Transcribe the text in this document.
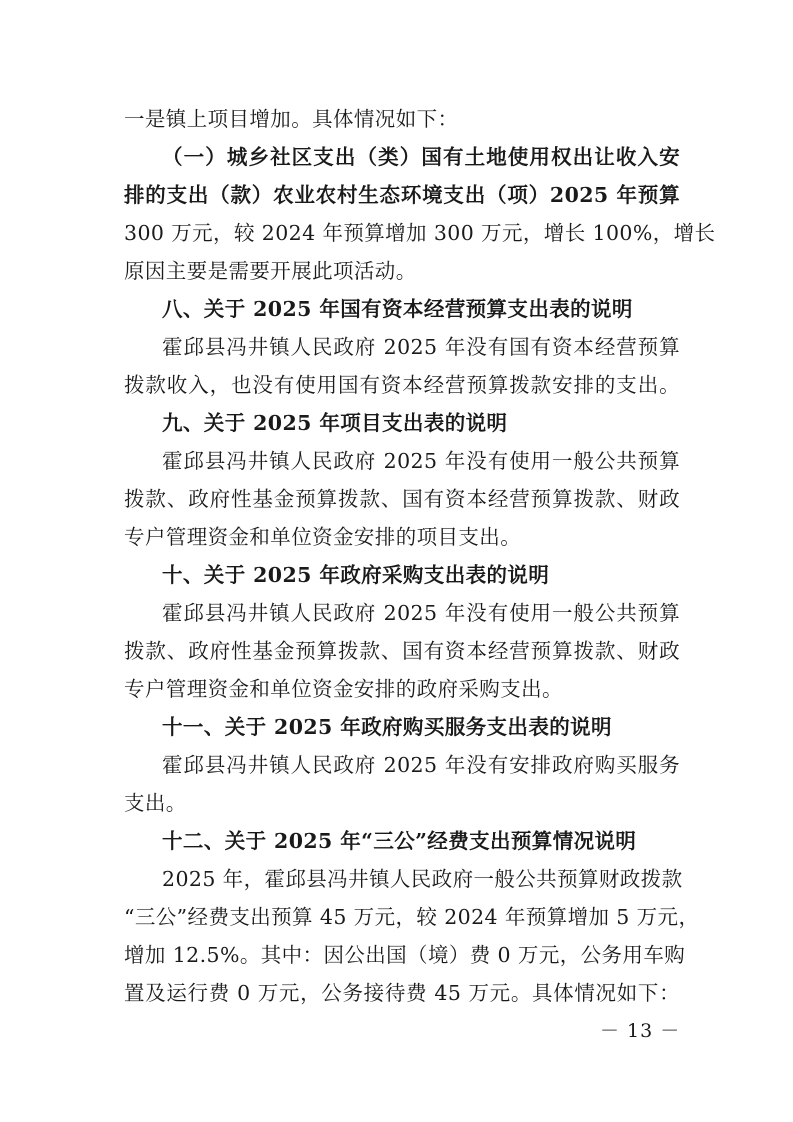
一是镇上项目增加。具体情况如下：
（一）城乡社区支出（类）国有土地使用权出让收入安
排的支出（款）农业农村生态环境支出（项）2025 年预算
300 万元，较 2024 年预算增加 300 万元，增长 100%，增长
原因主要是需要开展此项活动。
八、关于 2025 年国有资本经营预算支出表的说明
霍邱县冯井镇人民政府 2025 年没有国有资本经营预算
拨款收入，也没有使用国有资本经营预算拨款安排的支出。
九、关于 2025 年项目支出表的说明
霍邱县冯井镇人民政府 2025 年没有使用一般公共预算
拨款、政府性基金预算拨款、国有资本经营预算拨款、财政
专户管理资金和单位资金安排的项目支出。
十、关于 2025 年政府采购支出表的说明
霍邱县冯井镇人民政府 2025 年没有使用一般公共预算
拨款、政府性基金预算拨款、国有资本经营预算拨款、财政
专户管理资金和单位资金安排的政府采购支出。
十一、关于 2025 年政府购买服务支出表的说明
霍邱县冯井镇人民政府 2025 年没有安排政府购买服务
支出。
十二、关于 2025 年“三公”经费支出预算情况说明
2025 年，霍邱县冯井镇人民政府一般公共预算财政拨款
“三公”经费支出预算 45 万元，较 2024 年预算增加 5 万元，
增加 12.5%。其中：因公出国（境）费 0 万元，公务用车购
置及运行费 0 万元，公务接待费 45 万元。具体情况如下：
－ 13 －
